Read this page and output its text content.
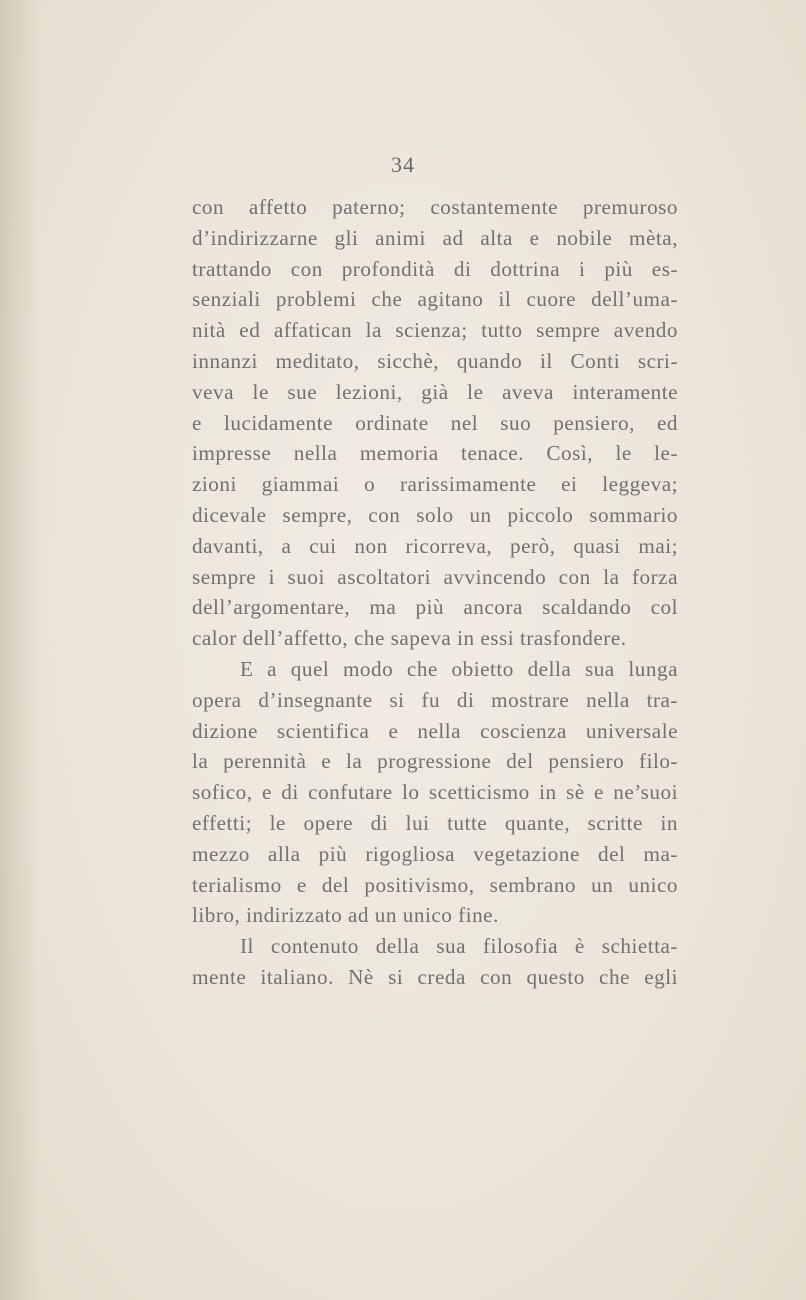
34
con affetto paterno; costantemente premuroso
d’indirizzarne gli animi ad alta e nobile mèta,
trattando con profondità di dottrina i più es-
senziali problemi che agitano il cuore dell’uma-
nità ed affatican la scienza; tutto sempre avendo
innanzi meditato, sicchè, quando il Conti scri-
veva le sue lezioni, già le aveva interamente
e lucidamente ordinate nel suo pensiero, ed
impresse nella memoria tenace. Così, le le-
zioni giammai o rarissimamente ei leggeva;
dicevale sempre, con solo un piccolo sommario
davanti, a cui non ricorreva, però, quasi mai;
sempre i suoi ascoltatori avvincendo con la forza
dell’argomentare, ma più ancora scaldando col
calor dell’affetto, che sapeva in essi trasfondere.
E a quel modo che obietto della sua lunga
opera d’insegnante si fu di mostrare nella tra-
dizione scientifica e nella coscienza universale
la perennità e la progressione del pensiero filo-
sofico, e di confutare lo scetticismo in sè e ne’suoi
effetti; le opere di lui tutte quante, scritte in
mezzo alla più rigogliosa vegetazione del ma-
terialismo e del positivismo, sembrano un unico
libro, indirizzato ad un unico fine.
Il contenuto della sua filosofia è schietta-
mente italiano. Nè si creda con questo che egli
